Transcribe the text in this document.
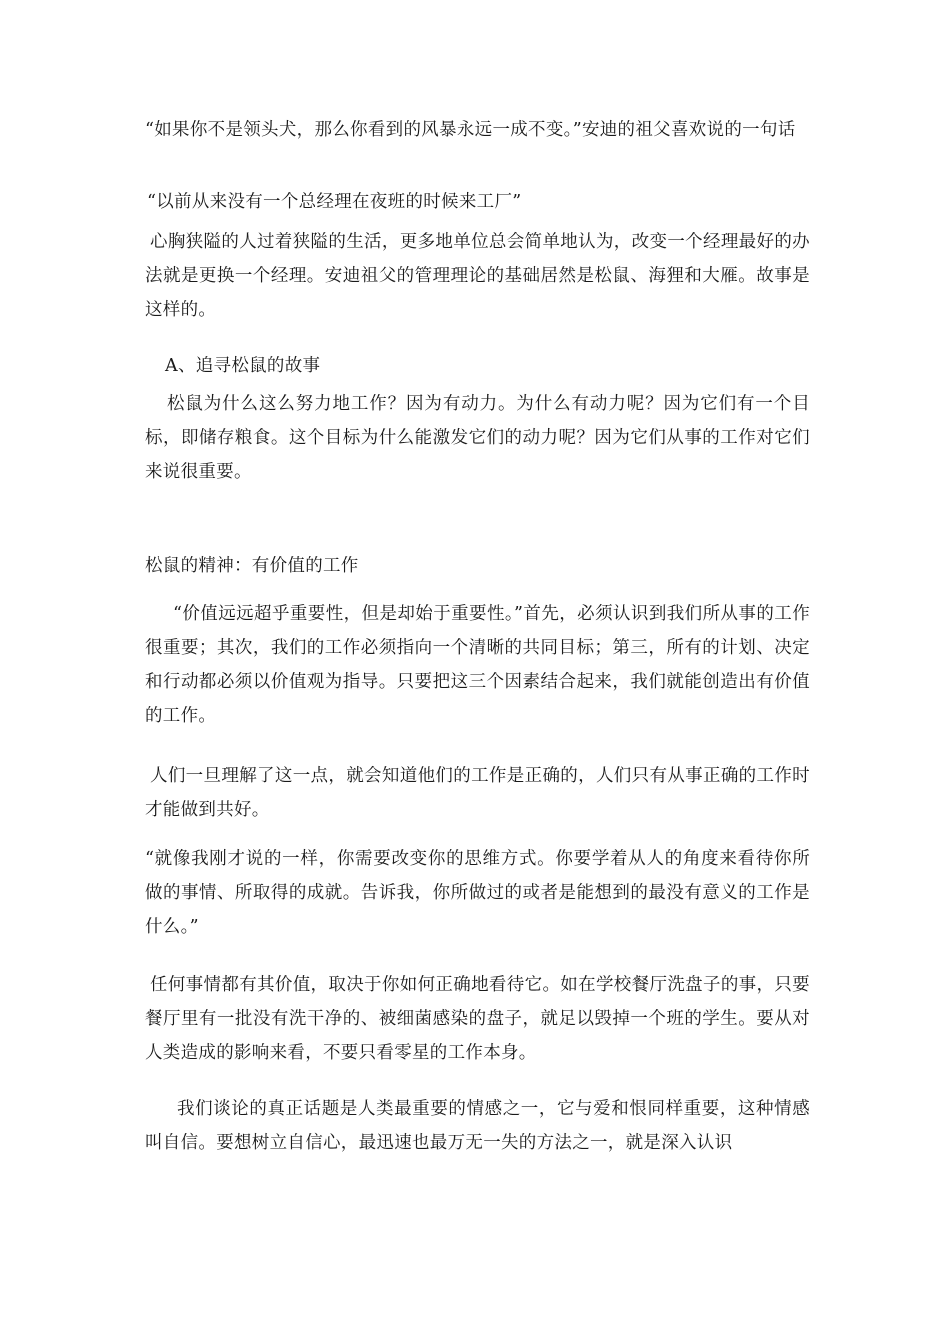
“如果你不是领头犬，那么你看到的风暴永远一成不变。”安迪的祖父喜欢说的一句话

“以前从来没有一个总经理在夜班的时候来工厂”

心胸狭隘的人过着狭隘的生活，更多地单位总会简单地认为，改变一个经理最好的办法就是更换一个经理。安迪祖父的管理理论的基础居然是松鼠、海狸和大雁。故事是这样的。

A、追寻松鼠的故事

松鼠为什么这么努力地工作？因为有动力。为什么有动力呢？因为它们有一个目标，即储存粮食。这个目标为什么能激发它们的动力呢？因为它们从事的工作对它们来说很重要。

松鼠的精神：有价值的工作

“价值远远超乎重要性，但是却始于重要性。”首先，必须认识到我们所从事的工作很重要；其次，我们的工作必须指向一个清晰的共同目标；第三，所有的计划、决定和行动都必须以价值观为指导。只要把这三个因素结合起来，我们就能创造出有价值的工作。

人们一旦理解了这一点，就会知道他们的工作是正确的，人们只有从事正确的工作时才能做到共好。

“就像我刚才说的一样，你需要改变你的思维方式。你要学着从人的角度来看待你所做的事情、所取得的成就。告诉我，你所做过的或者是能想到的最没有意义的工作是什么。”

任何事情都有其价值，取决于你如何正确地看待它。如在学校餐厅洗盘子的事，只要餐厅里有一批没有洗干净的、被细菌感染的盘子，就足以毁掉一个班的学生。要从对人类造成的影响来看，不要只看零星的工作本身。

我们谈论的真正话题是人类最重要的情感之一，它与爱和恨同样重要，这种情感叫自信。要想树立自信心，最迅速也最万无一失的方法之一，就是深入认识
